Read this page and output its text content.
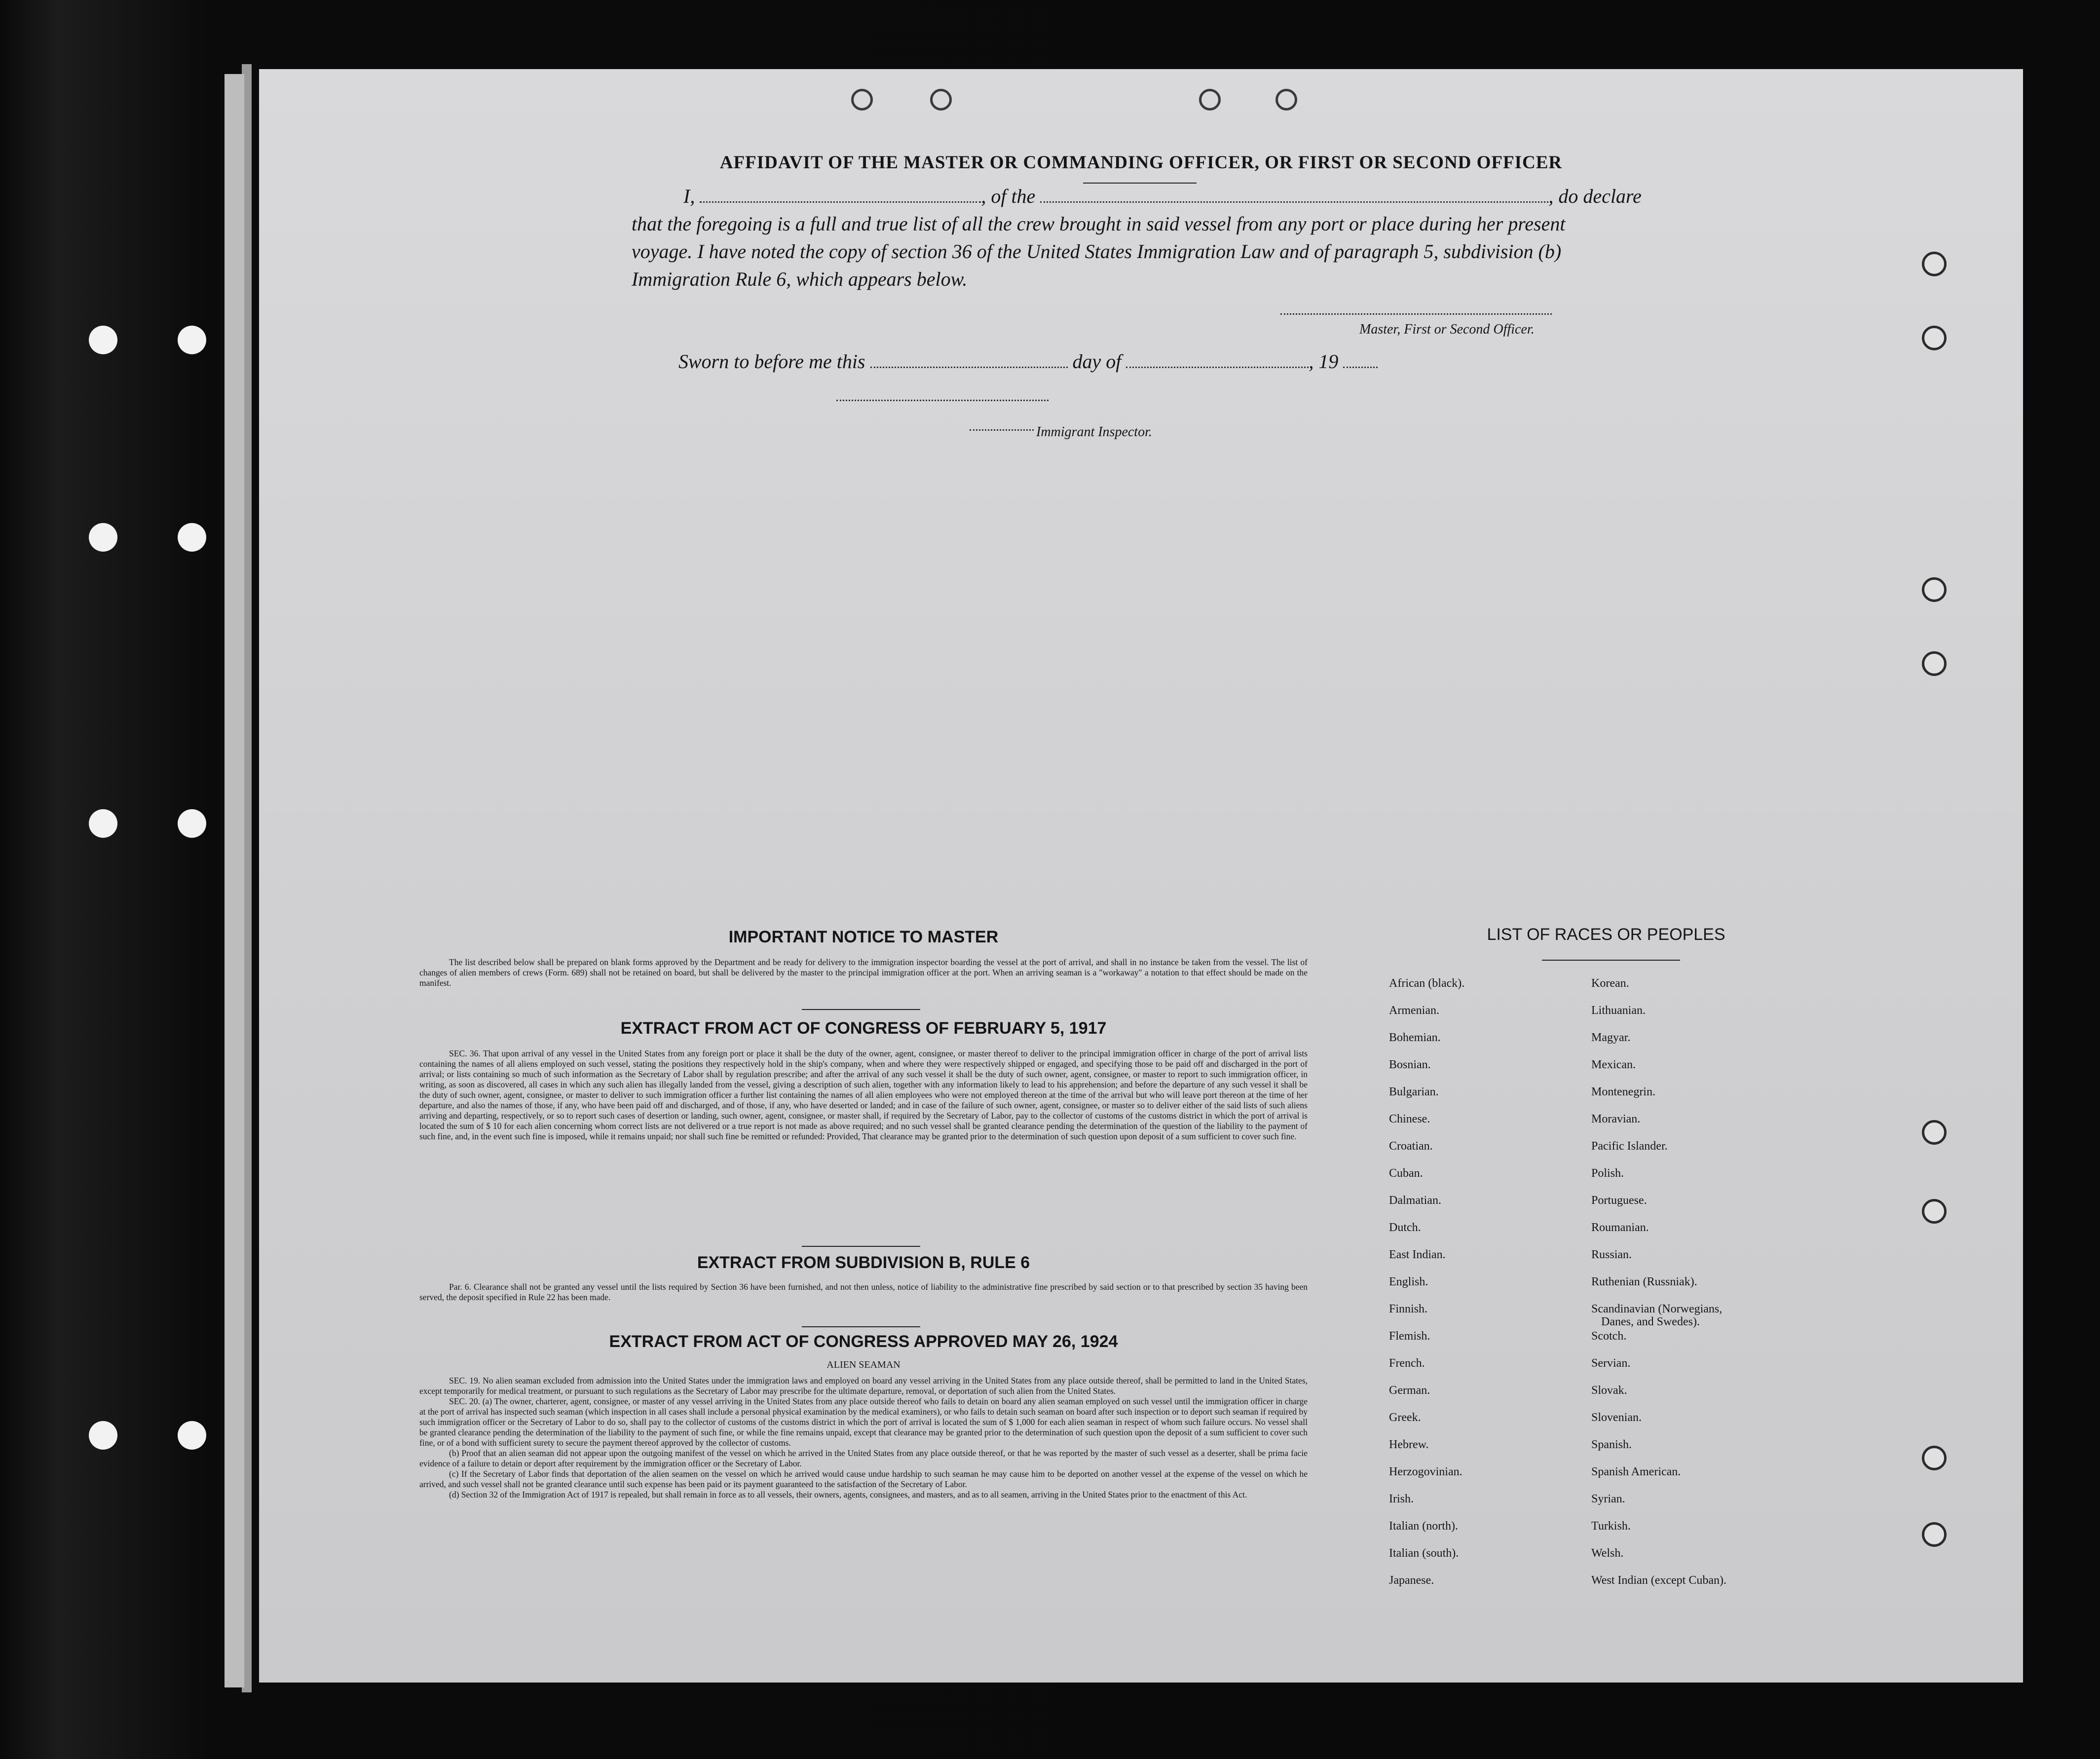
AFFIDAVIT OF THE MASTER OR COMMANDING OFFICER, OR FIRST OR SECOND OFFICER
I,	, of the	, do declare
that the foregoing is a full and true list of all the crew brought in said vessel from any port or place during her present
voyage. I have noted the copy of section 36 of the United States Immigration Law and of paragraph 5, subdivision (b)
Immigration Rule 6, which appears below.
Master, First or Second Officer.
Sworn to before me this	day of	, 19
Immigrant Inspector.
IMPORTANT NOTICE TO MASTER
The list described below shall be prepared on blank forms approved by the Department and be ready for delivery to the immigration inspector boarding the vessel at the port of arrival, and shall in no instance be taken from the vessel. The list of changes of alien members of crews (Form. 689) shall not be retained on board, but shall be delivered by the master to the principal immigration officer at the port. When an arriving seaman is a "workaway" a notation to that effect should be made on the manifest.
EXTRACT FROM ACT OF CONGRESS OF FEBRUARY 5, 1917
SEC. 36. That upon arrival of any vessel in the United States from any foreign port or place it shall be the duty of the owner, agent, consignee, or master thereof to deliver to the principal immigration officer in charge of the port of arrival lists containing the names of all aliens employed on such vessel, stating the positions they respectively hold in the ship's company, when and where they were respectively shipped or engaged, and specifying those to be paid off and discharged in the port of arrival; or lists containing so much of such information as the Secretary of Labor shall by regulation prescribe; and after the arrival of any such vessel it shall be the duty of such owner, agent, consignee, or master to report to such immigration officer, in writing, as soon as discovered, all cases in which any such alien has illegally landed from the vessel, giving a description of such alien, together with any information likely to lead to his apprehension; and before the departure of any such vessel it shall be the duty of such owner, agent, consignee, or master to deliver to such immigration officer a further list containing the names of all alien employees who were not employed thereon at the time of the arrival but who will leave port thereon at the time of her departure, and also the names of those, if any, who have been paid off and discharged, and of those, if any, who have deserted or landed; and in case of the failure of such owner, agent, consignee, or master so to deliver either of the said lists of such aliens arriving and departing, respectively, or so to report such cases of desertion or landing, such owner, agent, consignee, or master shall, if required by the Secretary of Labor, pay to the collector of customs of the customs district in which the port of arrival is located the sum of $ 10 for each alien concerning whom correct lists are not delivered or a true report is not made as above required; and no such vessel shall be granted clearance pending the determination of the question of the liability to the payment of such fine, and, in the event such fine is imposed, while it remains unpaid; nor shall such fine be remitted or refunded: Provided, That clearance may be granted prior to the determination of such question upon deposit of a sum sufficient to cover such fine.
EXTRACT FROM SUBDIVISION B, RULE 6
Par. 6. Clearance shall not be granted any vessel until the lists required by Section 36 have been furnished, and not then unless, notice of liability to the administrative fine prescribed by said section or to that prescribed by section 35 having been served, the deposit specified in Rule 22 has been made.
EXTRACT FROM ACT OF CONGRESS APPROVED MAY 26, 1924
ALIEN SEAMAN
SEC. 19. No alien seaman excluded from admission into the United States under the immigration laws and employed on board any vessel arriving in the United States from any place outside thereof, shall be permitted to land in the United States, except temporarily for medical treatment, or pursuant to such regulations as the Secretary of Labor may prescribe for the ultimate departure, removal, or deportation of such alien from the United States.
SEC. 20. (a) The owner, charterer, agent, consignee, or master of any vessel arriving in the United States from any place outside thereof who fails to detain on board any alien seaman employed on such vessel until the immigration officer in charge at the port of arrival has inspected such seaman (which inspection in all cases shall include a personal physical examination by the medical examiners), or who fails to detain such seaman on board after such inspection or to deport such seaman if required by such immigration officer or the Secretary of Labor to do so, shall pay to the collector of customs of the customs district in which the port of arrival is located the sum of $ 1,000 for each alien seaman in respect of whom such failure occurs. No vessel shall be granted clearance pending the determination of the liability to the payment of such fine, or while the fine remains unpaid, except that clearance may be granted prior to the determination of such question upon the deposit of a sum sufficient to cover such fine, or of a bond with sufficient surety to secure the payment thereof approved by the collector of customs.
(b) Proof that an alien seaman did not appear upon the outgoing manifest of the vessel on which he arrived in the United States from any place outside thereof, or that he was reported by the master of such vessel as a deserter, shall be prima facie evidence of a failure to detain or deport after requirement by the immigration officer or the Secretary of Labor.
(c) If the Secretary of Labor finds that deportation of the alien seamen on the vessel on which he arrived would cause undue hardship to such seaman he may cause him to be deported on another vessel at the expense of the vessel on which he arrived, and such vessel shall not be granted clearance until such expense has been paid or its payment guaranteed to the satisfaction of the Secretary of Labor.
(d) Section 32 of the Immigration Act of 1917 is repealed, but shall remain in force as to all vessels, their owners, agents, consignees, and masters, and as to all seamen, arriving in the United States prior to the enactment of this Act.
LIST OF RACES OR PEOPLES
African (black).
Armenian.
Bohemian.
Bosnian.
Bulgarian.
Chinese.
Croatian.
Cuban.
Dalmatian.
Dutch.
East Indian.
English.
Finnish.
Flemish.
French.
German.
Greek.
Hebrew.
Herzogovinian.
Irish.
Italian (north).
Italian (south).
Japanese.
Korean.
Lithuanian.
Magyar.
Mexican.
Montenegrin.
Moravian.
Pacific Islander.
Polish.
Portuguese.
Roumanian.
Russian.
Ruthenian (Russniak).
Scandinavian (Norwegians,
Danes, and Swedes).
Scotch.
Servian.
Slovak.
Slovenian.
Spanish.
Spanish American.
Syrian.
Turkish.
Welsh.
West Indian (except Cuban).
